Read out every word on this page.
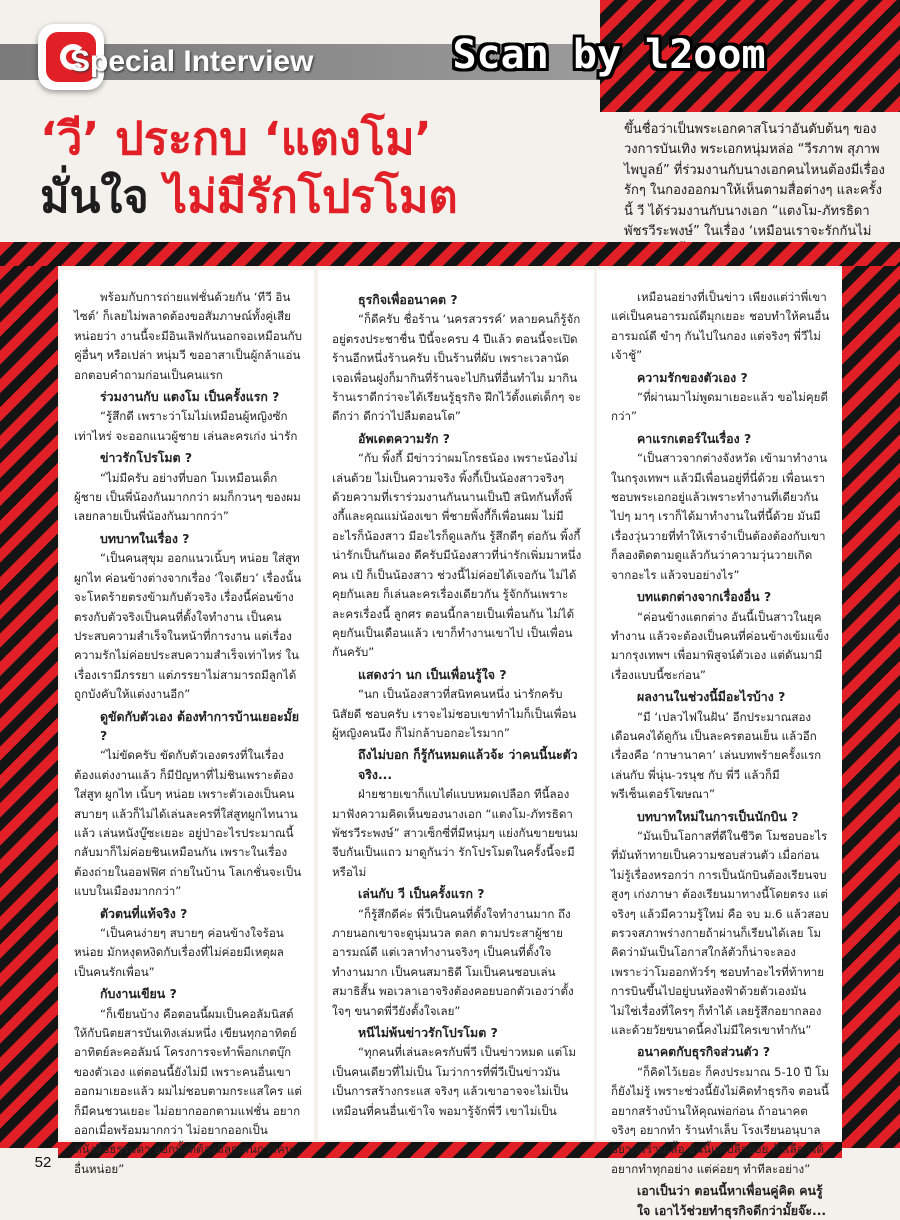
Special Interview	Scan by l2oom
‘วี’ ประกบ ‘แตงโม’
มั่นใจ ไม่มีรักโปรโมต
ขึ้นชื่อว่าเป็นพระเอกคาสโนว่าอันดับต้นๆ ของวงการบันเทิง พระเอกหนุ่มหล่อ “วีรภาพ สุภาพไพบูลย์” ที่ร่วมงานกับนางเอกคนไหนต้องมีเรื่องรักๆ ในกองออกมาให้เห็นตามสื่อต่างๆ และครั้งนี้ วี ได้ร่วมงานกับนางเอก “แตงโม-ภัทรธิดา พัชรวีระพงษ์” ในเรื่อง ‘เหมือนเราจะรักกันไม่

พร้อมกับการถ่ายแฟชั่นด้วยกัน ‘ทีวี อินไซต์’ ก็เลยไม่พลาดต้องขอสัมภาษณ์ทั้งคู่เสียหน่อยว่า งานนี้จะมีอินเลิฟกันนอกจอเหมือนกับคู่อื่นๆ หรือเปล่า หนุ่มวี ขออาสาเป็นผู้กล้าแอ่นอกตอบคำถามก่อนเป็นคนแรก

ร่วมงานกับ แตงโม เป็นครั้งแรก ?

“รู้สึกดี เพราะว่าโมไม่เหมือนผู้หญิงซักเท่าไหร่ จะออกแนวผู้ชาย เล่นละครเก่ง น่ารัก

ข่าวรักโปรโมต ?

“ไม่มีครับ อย่างที่บอก โมเหมือนเด็กผู้ชาย เป็นพี่น้องกันมากกว่า ผมก็กวนๆ ของผม เลยกลายเป็นพี่น้องกันมากกว่า”

บทบาทในเรื่อง ?

“เป็นคนสุขุม ออกแนวเนิ้บๆ หน่อย ใส่สูท ผูกไท ค่อนข้างต่างจากเรื่อง ‘ใจเดียว’ เรื่องนั้นจะโหดร้ายตรงข้ามกับตัวจริง เรื่องนี้ค่อนข้างตรงกับตัวจริงเป็นคนที่ตั้งใจทำงาน เป็นคนประสบความสำเร็จในหน้าที่การงาน แต่เรื่องความรักไม่ค่อยประสบความสำเร็จเท่าไหร่ ในเรื่องเรามีภรรยา แต่ภรรยาไม่สามารถมีลูกได้ ถูกบังคับให้แต่งงานอีก”

ดูขัดกับตัวเอง ต้องทำการบ้านเยอะมั้ย ?

“ไม่ขัดครับ ขัดกับตัวเองตรงที่ในเรื่องต้องแต่งงานแล้ว ก็มีปัญหาที่ไม่ชินเพราะต้องใส่สูท ผูกไท เนิ้บๆ หน่อย เพราะตัวเองเป็นคนสบายๆ แล้วก็ไม่ได้เล่นละครที่ใส่สูทผูกไทนานแล้ว เล่นหนังบู๊ซะเยอะ อยู่ป่าอะไรประมาณนี้ กลับมาก็ไม่ค่อยชินเหมือนกัน เพราะในเรื่องต้องถ่ายในออฟฟิศ ถ่ายในบ้าน โลเกชั่นจะเป็นแบบในเมืองมากกว่า”

ตัวตนที่แท้จริง ?

“เป็นคนง่ายๆ สบายๆ ค่อนข้างใจร้อนหน่อย มักหงุดหงิดกับเรื่องที่ไม่ค่อยมีเหตุผล เป็นคนรักเพื่อน”

กับงานเขียน ?

“ก็เขียนบ้าง คือตอนนี้ผมเป็นคอลัมนิสต์ให้กับนิตยสารบันเทิงเล่มหนึ่ง เขียนทุกอาทิตย์ อาทิตย์ละคอลัมน์ โครงการจะทำพ็อกเกตบุ๊กของตัวเอง แต่ตอนนี้ยังไม่มี เพราะคนอื่นเขาออกมาเยอะแล้ว ผมไม่ชอบตามกระแสใคร แต่ก็มีคนชวนเยอะ ไม่อยากออกตามแฟชั่น อยากออกเมื่อพร้อมมากกว่า ไม่อยากออกเป็นหนังสือธรรมดา ออกทั้งทีต้องมีลูกเล่นกว่าคนอื่นหน่อย”

ธุรกิจเพื่ออนาคต ?

“ก็ดีครับ ชื่อร้าน ‘นครสวรรค์’ หลายคนก็รู้จัก อยู่ตรงประชาชื่น ปีนี้จะครบ 4 ปีแล้ว ตอนนี้จะเปิดร้านอีกหนึ่งร้านครับ เป็นร้านที่ผับ เพราะเวลานัดเจอเพื่อนฝูงก็มากินที่ร้านจะไปกินที่อื่นทำไม มากินร้านเราดีกว่าจะได้เรียนรู้ธุรกิจ ฝึกไว้ตั้งแต่เด็กๆ จะดีกว่า ดีกว่าไปลืมตอนโต”

อัพเดตความรัก ?

“กับ พิ้งกี้ มีข่าวว่าผมโกรธน้อง เพราะน้องไม่เล่นด้วย ไม่เป็นความจริง พิ้งกี้เป็นน้องสาวจริงๆ ด้วยความที่เราร่วมงานกันนานเป็นปี สนิทกันทั้งพิ้งกี้และคุณแม่น้องเขา พี่ชายพิ้งกี้ก็เพื่อนผม ไม่มีอะไรก็น้องสาว มีอะไรก็ดูแลกัน รู้สึกดีๆ ต่อกัน พิ้งกี้น่ารักเป็นกันเอง ดีครับมีน้องสาวที่น่ารักเพิ่มมาหนึ่งคน เป้ ก็เป็นน้องสาว ช่วงนี้ไม่ค่อยได้เจอกัน ไม่ได้คุยกันเลย ก็เล่นละครเรื่องเดียวกัน รู้จักกันเพราะละครเรื่องนี้ ลูกศร ตอนนี้กลายเป็นเพื่อนกัน ไม่ได้คุยกันเป็นเดือนแล้ว เขาก็ทำงานเขาไป เป็นเพื่อนกันครับ”

แสดงว่า นก เป็นเพื่อนรู้ใจ ?

“นก เป็นน้องสาวที่สนิทคนหนึ่ง น่ารักครับ นิสัยดี ชอบครับ เราจะไม่ชอบเขาทำไมก็เป็นเพื่อนผู้หญิงคนนึง ก็ไม่กล้าบอกอะไรมาก”

ถึงไม่บอก ก็รู้กันหมดแล้วจ้ะ ว่าคนนี้นะตัวจริง...

ฝ่ายชายเขาก็แบไต๋แบบหมดเปลือก ทีนี้ลองมาฟังความคิดเห็นของนางเอก “แตงโม-ภัทรธิดา พัชรวีระพงษ์” สาวเซ็กซี่ที่มีหนุ่มๆ แย่งกันขายขนมจีบกันเป็นแถว มาดูกันว่า รักโปรโมตในครั้งนี้จะมีหรือไม่

เล่นกับ วี เป็นครั้งแรก ?

“ก็รู้สึกดีค่ะ พี่วีเป็นคนที่ตั้งใจทำงานมาก ถึงภายนอกเขาจะดูนุ่มนวล ตลก ตามประสาผู้ชายอารมณ์ดี แต่เวลาทำงานจริงๆ เป็นคนที่ตั้งใจทำงานมาก เป็นคนสมาธิดี โมเป็นคนชอบเล่นสมาธิสั้น พอเวลาเอาจริงต้องคอยบอกตัวเองว่าตั้งใจๆ ขนาดพี่วียังตั้งใจเลย”

หนีไม่พ้นข่าวรักโปรโมต ?

“ทุกคนที่เล่นละครกับพี่วี เป็นข่าวหมด แต่โมเป็นคนเดียวที่ไม่เป็น โมว่าการที่พี่วีเป็นข่าวมันเป็นการสร้างกระแส จริงๆ แล้วเขาอาจจะไม่เป็นเหมือนที่คนอื่นเข้าใจ พอมารู้จักพี่วี เขาไม่เป็น

เหมือนอย่างที่เป็นข่าว เพียงแต่ว่าพี่เขาแค่เป็นคนอารมณ์ดีมุกเยอะ ชอบทำให้คนอื่นอารมณ์ดี ขำๆ กันไปในกอง แต่จริงๆ พี่วีไม่เจ้าชู้”

ความรักของตัวเอง ?

“ที่ผ่านมาไม่พูดมาเยอะแล้ว ขอไม่คุยดีกว่า”

คาแรกเตอร์ในเรื่อง ?

“เป็นสาวจากต่างจังหวัด เข้ามาทำงานในกรุงเทพฯ แล้วมีเพื่อนอยู่ที่นี่ด้วย เพื่อนเราชอบพระเอกอยู่แล้วเพราะทำงานที่เดียวกัน ไปๆ มาๆ เราก็ได้มาทำงานในที่นี้ด้วย มันมีเรื่องวุ่นวายที่ทำให้เราจำเป็นต้องต้องกับเขา ก็ลองติดตามดูแล้วกันว่าความวุ่นวายเกิดจากอะไร แล้วจบอย่างไร”

บทแตกต่างจากเรื่องอื่น ?

“ค่อนข้างแตกต่าง อันนี้เป็นสาวในยุคทำงาน แล้วจะต้องเป็นคนที่ค่อนข้างเข้มแข็ง มากรุงเทพฯ เพื่อมาพิสูจน์ตัวเอง แต่ดันมามีเรื่องแบบนี้ซะก่อน”

ผลงานในช่วงนี้มีอะไรบ้าง ?

“มี ‘เปลวไฟในฝัน’ อีกประมาณสองเดือนคงได้ดูกัน เป็นละครตอนเย็น แล้วอีกเรื่องคือ ‘กาษานาคา’ เล่นบทพร้ายครั้งแรก เล่นกับ พี่นุ่น-วรนุช กับ พี่วี แล้วก็มีพรีเซ็นเตอร์โฆษณา”

บทบาทใหม่ในการเป็นนักบิน ?

“มันเป็นโอกาสที่ดีในชีวิต โมชอบอะไรที่มันท้าทายเป็นความชอบส่วนตัว เมื่อก่อนไม่รู้เรื่องหรอกว่า การเป็นนักบินต้องเรียนจบสูงๆ เก่งภาษา ต้องเรียนมาทางนี้โดยตรง แต่จริงๆ แล้วมีความรู้ใหม่ คือ จบ ม.6 แล้วสอบ ตรวจสภาพร่างกายถ้าผ่านก็เรียนได้เลย โมคิดว่ามันเป็นโอกาสใกล้ตัวก็น่าจะลอง เพราะว่าโมออกทัวร์ๆ ชอบทำอะไรที่ท้าทาย การบินขึ้นไปอยู่บนท้องฟ้าด้วยตัวเองมันไม่ใช่เรื่องที่ใครๆ ก็ทำได้ เลยรู้สึกอยากลองและด้วยวัยขนาดนี้คงไม่มีใครเขาทำกัน”

อนาคตกับธุรกิจส่วนตัว ?

“ก็คิดไว้เยอะ ก็คงประมาณ 5-10 ปี โมก็ยังไม่รู้ เพราะช่วงนี้ยังไม่คิดทำธุรกิจ ตอนนี้อยากสร้างบ้านให้คุณพ่อก่อน ถ้าอนาคตจริงๆ อยากทำ ร้านทำเล็บ โรงเรียนอนุบาล อยากมีร้านเสื้อ อันนี้แค่ปลีกย่อย ถ้าเลือกได้อยากทำทุกอย่าง แต่ค่อยๆ ทำทีละอย่าง”

เอาเป็นว่า ตอนนี้หาเพื่อนคู่คิด คนรู้ใจ เอาไว้ช่วยทำธุรกิจดีกว่ามั้ยจ๊ะ...

52
